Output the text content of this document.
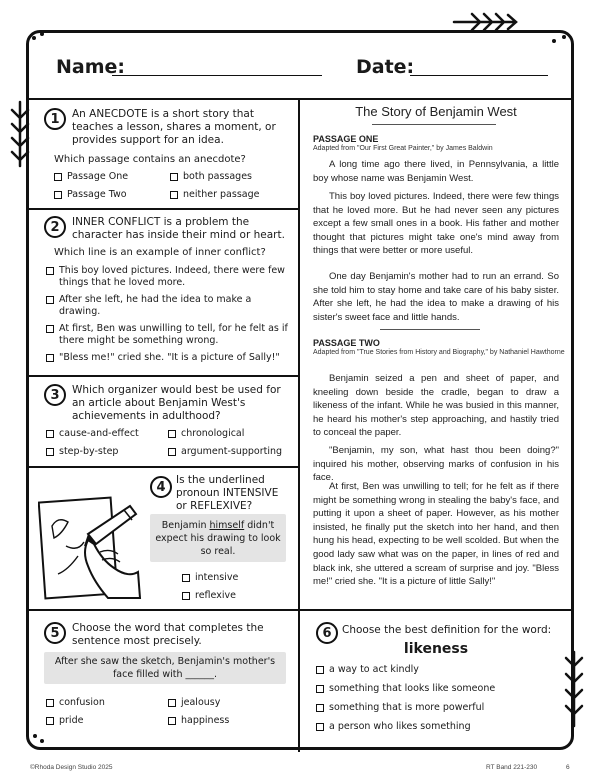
Name:	Date:
1	An ANECDOTE is a short story that teaches a lesson, shares a moment, or provides support for an idea.
Which passage contains an anecdote?
Passage One	both passages
Passage Two	neither passage
2	INNER CONFLICT is a problem the character has inside their mind or heart.
Which line is an example of inner conflict?
This boy loved pictures. Indeed, there were few things that he loved more.
After she left, he had the idea to make a drawing.
At first, Ben was unwilling to tell, for he felt as if there might be something wrong.
"Bless me!" cried she. "It is a picture of Sally!"
3	Which organizer would best be used for an article about Benjamin West's achievements in adulthood?
cause-and-effect	chronological
step-by-step	argument-supporting
4 Is the underlined pronoun INTENSIVE or REFLEXIVE?
Benjamin himself didn't expect his drawing to look so real.
intensive
reflexive
5	Choose the word that completes the sentence most precisely.
After she saw the sketch, Benjamin's mother's face filled with ______.
confusion	jealousy
pride	happiness
6 Choose the best definition for the word:
likeness
a way to act kindly
something that looks like someone
something that is more powerful
a person who likes something
The Story of Benjamin West
PASSAGE ONE
Adapted from "Our First Great Painter," by James Baldwin
A long time ago there lived, in Pennsylvania, a little boy whose name was Benjamin West.
This boy loved pictures. Indeed, there were few things that he loved more. But he had never seen any pictures except a few small ones in a book. His father and mother thought that pictures might take one's mind away from things that were better or more useful.
One day Benjamin's mother had to run an errand. So she told him to stay home and take care of his baby sister. After she left, he had the idea to make a drawing of his sister's sweet face and little hands.
PASSAGE TWO
Adapted from "True Stories from History and Biography," by Nathaniel Hawthorne
Benjamin seized a pen and sheet of paper, and kneeling down beside the cradle, began to draw a likeness of the infant. While he was busied in this manner, he heard his mother's step approaching, and hastily tried to conceal the paper.
"Benjamin, my son, what hast thou been doing?" inquired his mother, observing marks of confusion in his face.
At first, Ben was unwilling to tell; for he felt as if there might be something wrong in stealing the baby's face, and putting it upon a sheet of paper. However, as his mother insisted, he finally put the sketch into her hand, and then hung his head, expecting to be well scolded. But when the good lady saw what was on the paper, in lines of red and black ink, she uttered a scream of surprise and joy. "Bless me!" cried she. "It is a picture of little Sally!"
©Rhoda Design Studio 2025	RT Band 221-230	6
